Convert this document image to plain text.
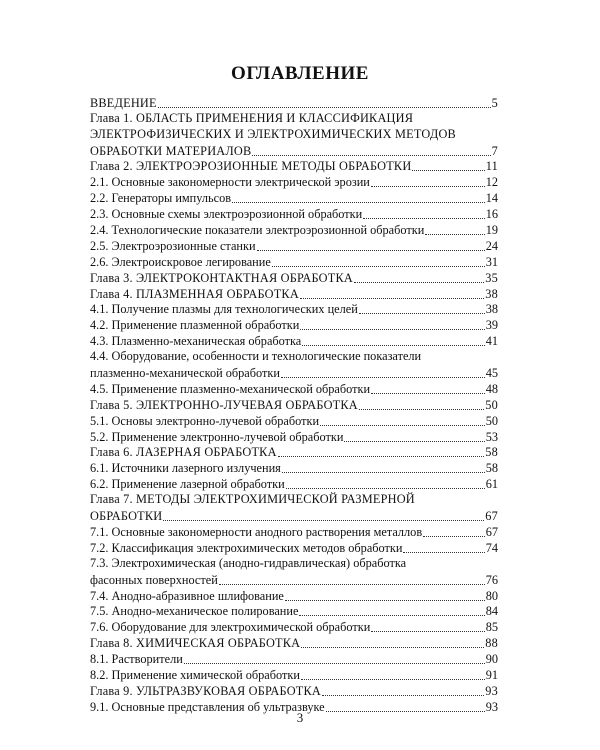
ОГЛАВЛЕНИЕ
ВВЕДЕНИЕ	5
Глава 1. ОБЛАСТЬ ПРИМЕНЕНИЯ И КЛАССИФИКАЦИЯ
ЭЛЕКТРОФИЗИЧЕСКИХ И ЭЛЕКТРОХИМИЧЕСКИХ МЕТОДОВ
ОБРАБОТКИ МАТЕРИАЛОВ	7
Глава 2. ЭЛЕКТРОЭРОЗИОННЫЕ МЕТОДЫ ОБРАБОТКИ	11
2.1. Основные закономерности электрической эрозии	12
2.2. Генераторы импульсов	14
2.3. Основные схемы электроэрозионной обработки	16
2.4. Технологические показатели электроэрозионной обработки	19
2.5. Электроэрозионные станки	24
2.6. Электроискровое легирование	31
Глава 3. ЭЛЕКТРОКОНТАКТНАЯ ОБРАБОТКА	35
Глава 4. ПЛАЗМЕННАЯ ОБРАБОТКА	38
4.1. Получение плазмы для технологических целей	38
4.2. Применение плазменной обработки	39
4.3. Плазменно-механическая обработка	41
4.4. Оборудование, особенности и технологические показатели
плазменно-механической обработки	45
4.5. Применение плазменно-механической обработки	48
Глава 5. ЭЛЕКТРОННО-ЛУЧЕВАЯ ОБРАБОТКА	50
5.1. Основы электронно-лучевой обработки	50
5.2. Применение электронно-лучевой обработки	53
Глава 6. ЛАЗЕРНАЯ ОБРАБОТКА	58
6.1. Источники лазерного излучения	58
6.2. Применение лазерной обработки	61
Глава 7. МЕТОДЫ ЭЛЕКТРОХИМИЧЕСКОЙ РАЗМЕРНОЙ
ОБРАБОТКИ	67
7.1. Основные закономерности анодного растворения металлов	67
7.2. Классификация электрохимических методов обработки	74
7.3. Электрохимическая (анодно-гидравлическая) обработка
фасонных поверхностей	76
7.4. Анодно-абразивное шлифование	80
7.5. Анодно-механическое полирование	84
7.6. Оборудование для электрохимической обработки	85
Глава 8. ХИМИЧЕСКАЯ ОБРАБОТКА	88
8.1. Растворители	90
8.2. Применение химической обработки	91
Глава 9. УЛЬТРАЗВУКОВАЯ ОБРАБОТКА	93
9.1. Основные представления об ультразвуке	93
3
